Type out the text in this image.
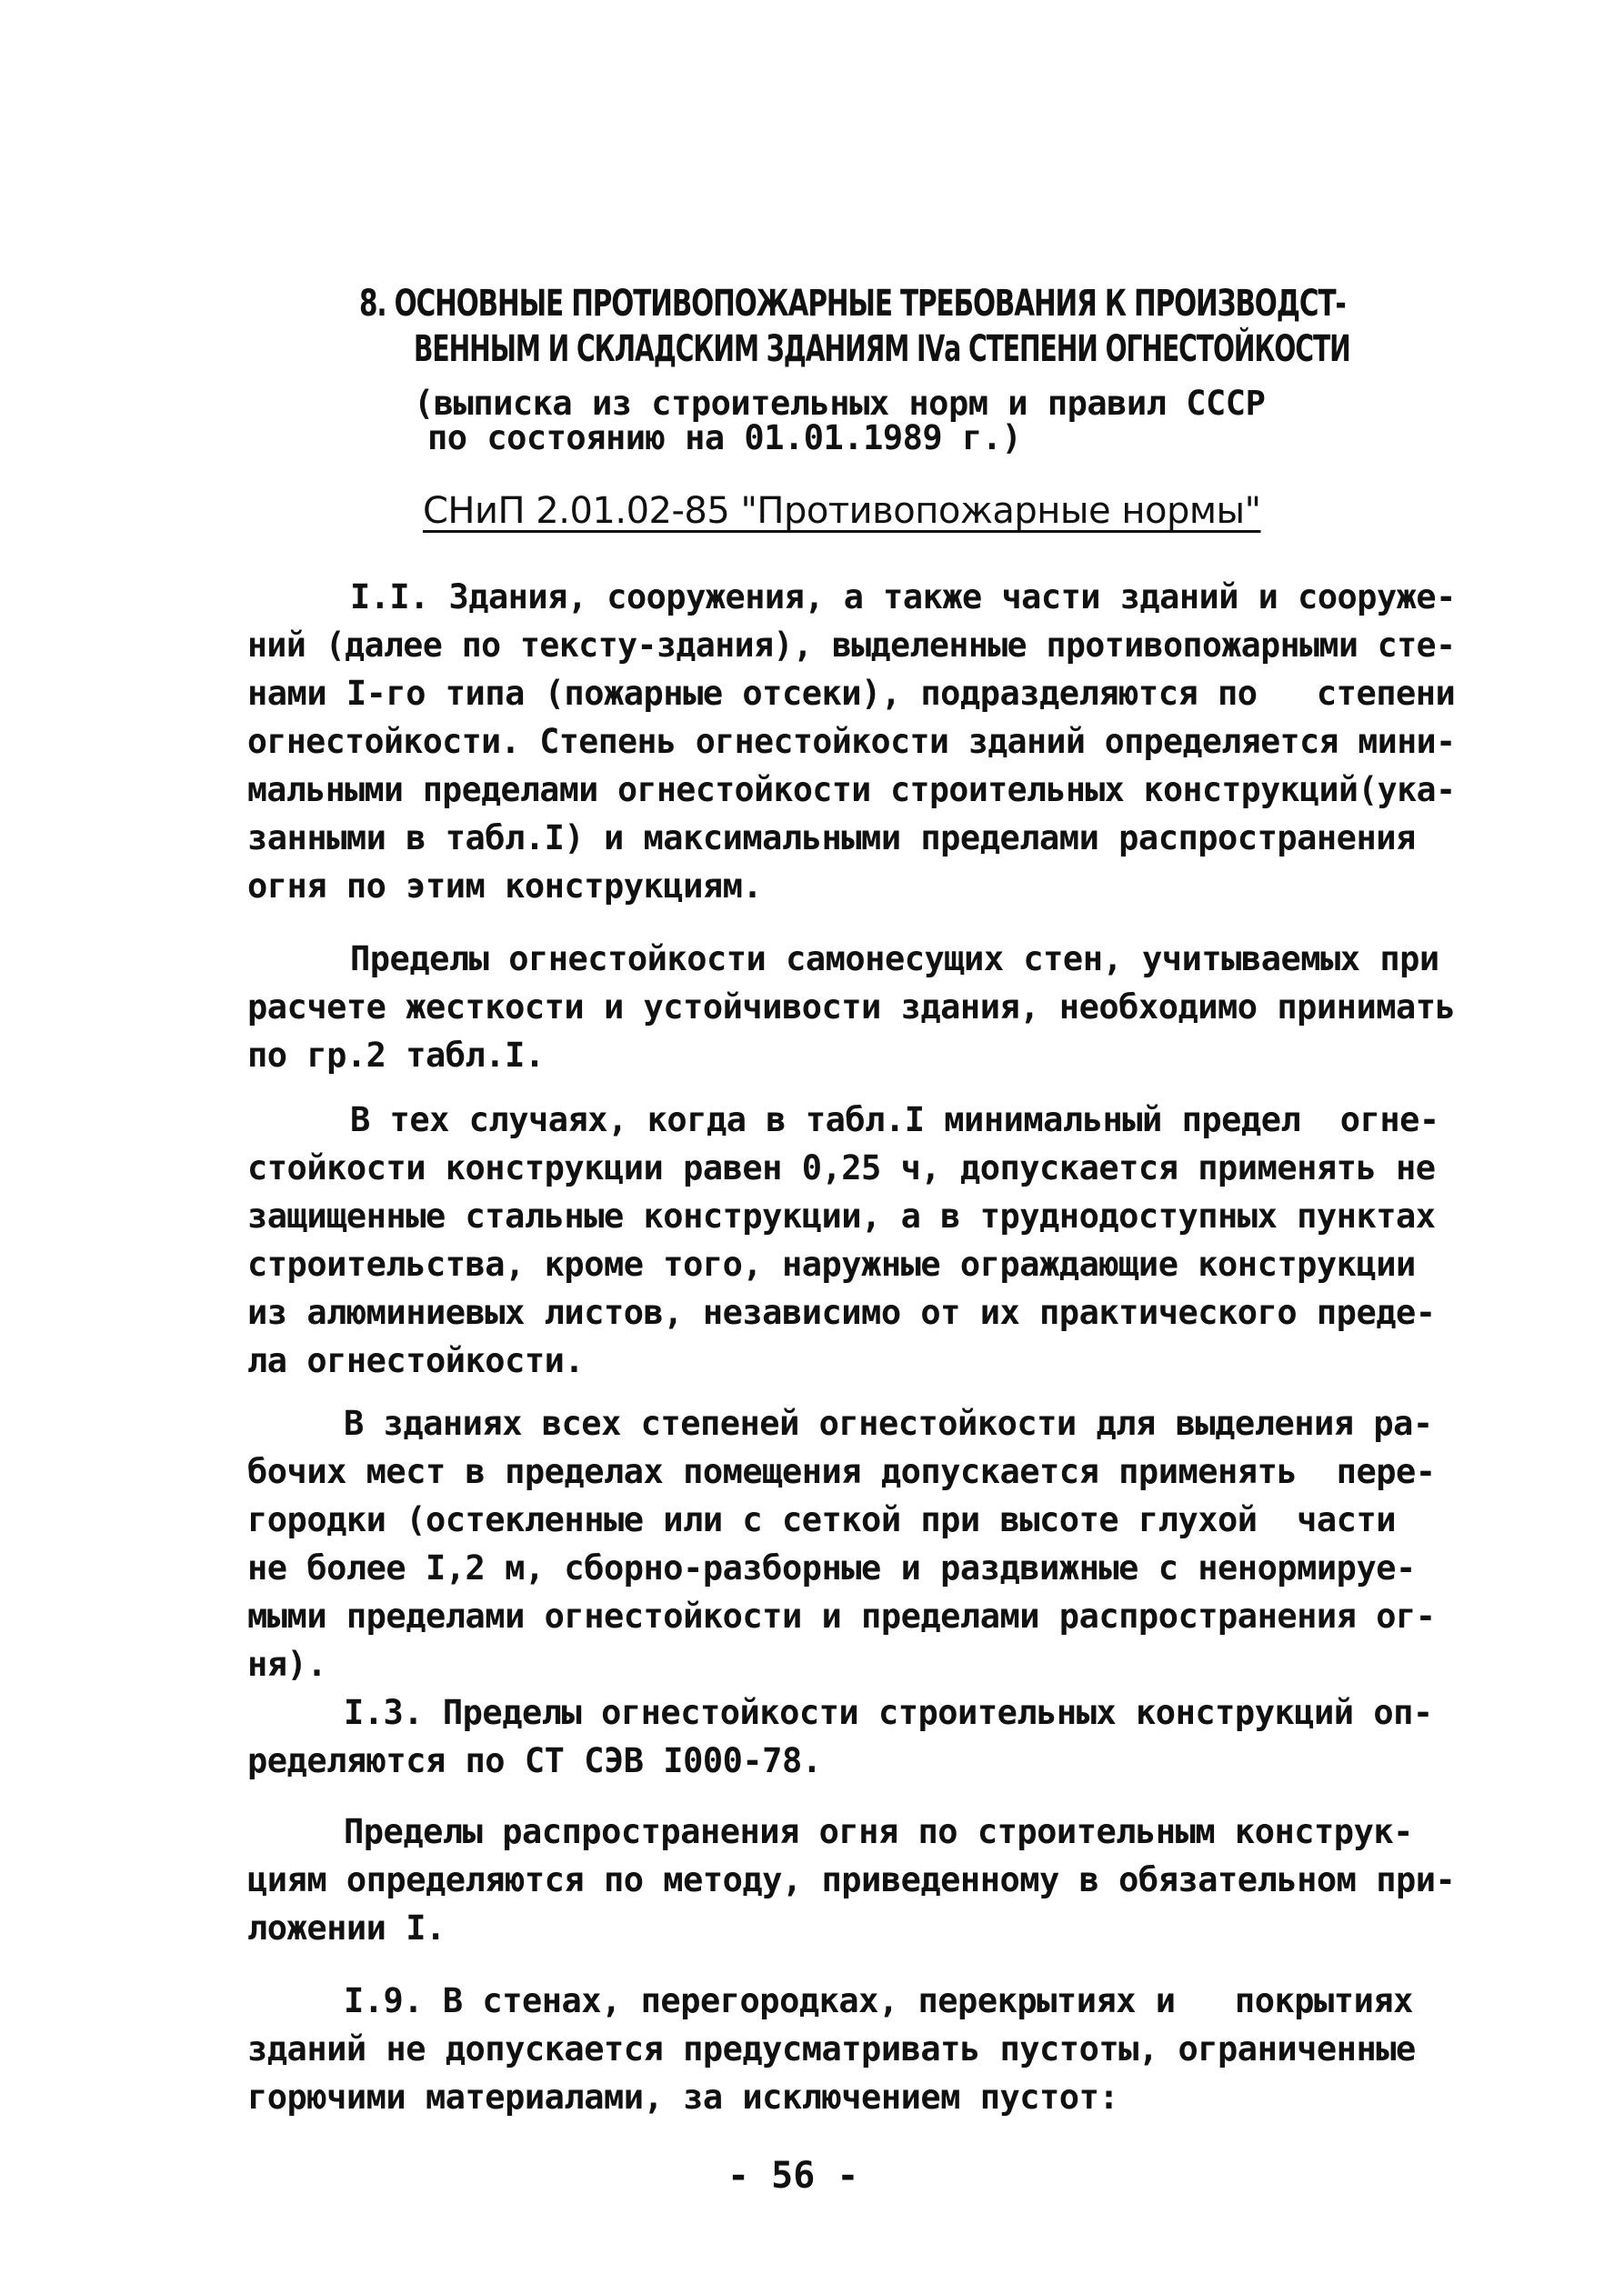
8. ОСНОВНЫЕ ПРОТИВОПОЖАРНЫЕ ТРЕБОВАНИЯ К ПРОИЗВОДСТ-
ВЕННЫМ И СКЛАДСКИМ ЗДАНИЯМ IVа СТЕПЕНИ ОГНЕСТОЙКОСТИ
(выписка из строительных норм и правил СССР
по состоянию на 01.01.1989 г.)
СНиП 2.01.02-85 "Противопожарные нормы"
I.I. Здания, сооружения, а также части зданий и сооруже-
ний (далее по тексту-здания), выделенные противопожарными сте-
нами I-го типа (пожарные отсеки), подразделяются по   степени
огнестойкости. Степень огнестойкости зданий определяется мини-
мальными пределами огнестойкости строительных конструкций(ука-
занными в табл.I) и максимальными пределами распространения
огня по этим конструкциям.
Пределы огнестойкости самонесущих стен, учитываемых при
расчете жесткости и устойчивости здания, необходимо принимать
по гр.2 табл.I.
В тех случаях, когда в табл.I минимальный предел  огне-
стойкости конструкции равен 0,25 ч, допускается применять не
защищенные стальные конструкции, а в труднодоступных пунктах
строительства, кроме того, наружные ограждающие конструкции
из алюминиевых листов, независимо от их практического преде-
ла огнестойкости.
В зданиях всех степеней огнестойкости для выделения ра-
бочих мест в пределах помещения допускается применять  пере-
городки (остекленные или с сеткой при высоте глухой  части
не более I,2 м, сборно-разборные и раздвижные с ненормируе-
мыми пределами огнестойкости и пределами распространения ог-
ня).
I.3. Пределы огнестойкости строительных конструкций оп-
ределяются по СТ СЭВ I000-78.
Пределы распространения огня по строительным конструк-
циям определяются по методу, приведенному в обязательном при-
ложении I.
I.9. В стенах, перегородках, перекрытиях и   покрытиях
зданий не допускается предусматривать пустоты, ограниченные
горючими материалами, за исключением пустот:
- 56 -
